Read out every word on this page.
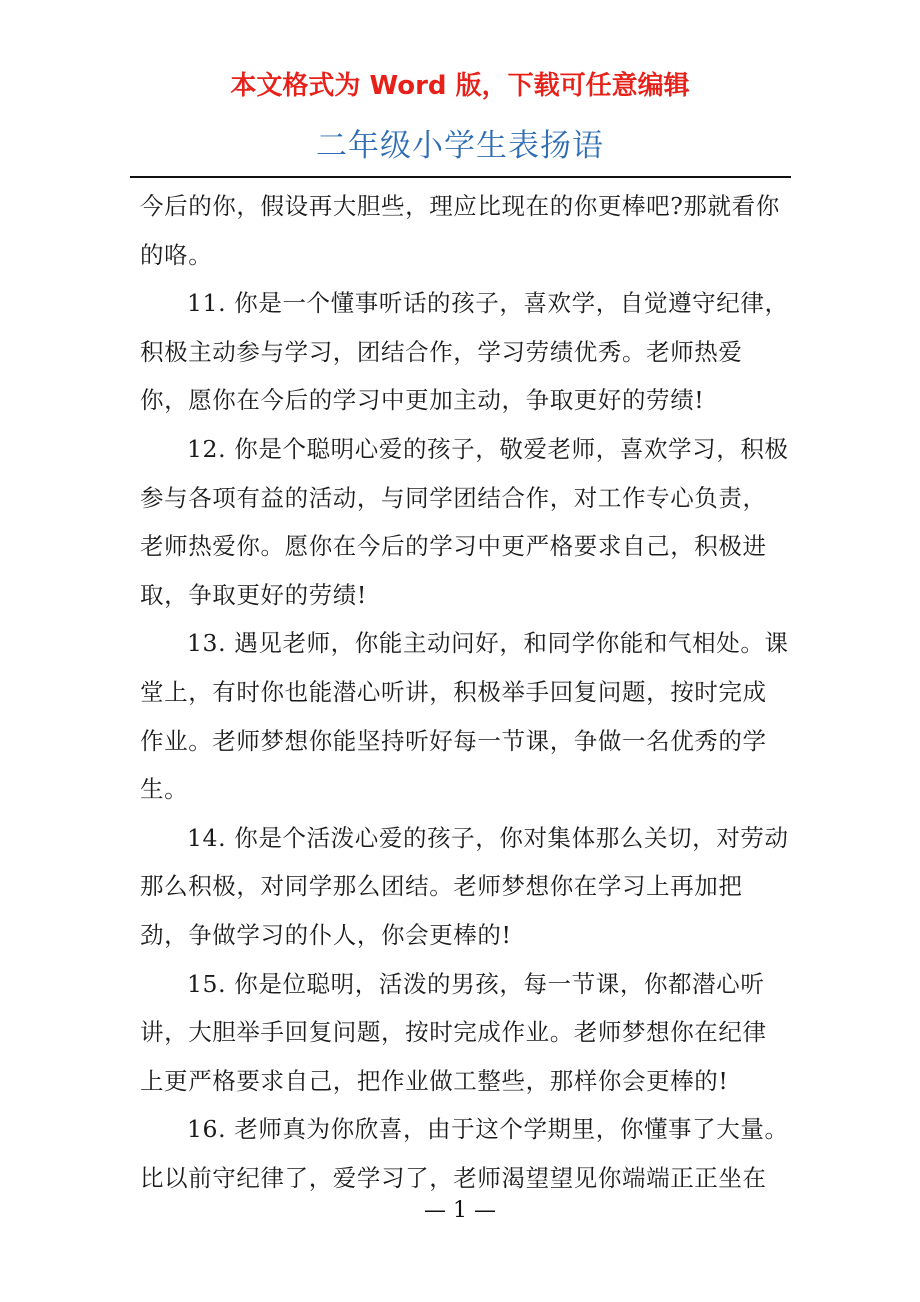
本文格式为 Word 版，下载可任意编辑
二年级小学生表扬语

今后的你，假设再大胆些，理应比现在的你更棒吧?那就看你的咯。

11. 你是一个懂事听话的孩子，喜欢学，自觉遵守纪律，积极主动参与学习，团结合作，学习劳绩优秀。老师热爱你，愿你在今后的学习中更加主动，争取更好的劳绩!

12. 你是个聪明心爱的孩子，敬爱老师，喜欢学习，积极参与各项有益的活动，与同学团结合作，对工作专心负责，老师热爱你。愿你在今后的学习中更严格要求自己，积极进取，争取更好的劳绩!

13. 遇见老师，你能主动问好，和同学你能和气相处。课堂上，有时你也能潜心听讲，积极举手回复问题，按时完成作业。老师梦想你能坚持听好每一节课，争做一名优秀的学生。

14. 你是个活泼心爱的孩子，你对集体那么关切，对劳动那么积极，对同学那么团结。老师梦想你在学习上再加把劲，争做学习的仆人，你会更棒的!

15. 你是位聪明，活泼的男孩，每一节课，你都潜心听讲，大胆举手回复问题，按时完成作业。老师梦想你在纪律上更严格要求自己，把作业做工整些，那样你会更棒的!

16. 老师真为你欣喜，由于这个学期里，你懂事了大量。比以前守纪律了，爱学习了，老师渴望望见你端端正正坐在

— 1 —
